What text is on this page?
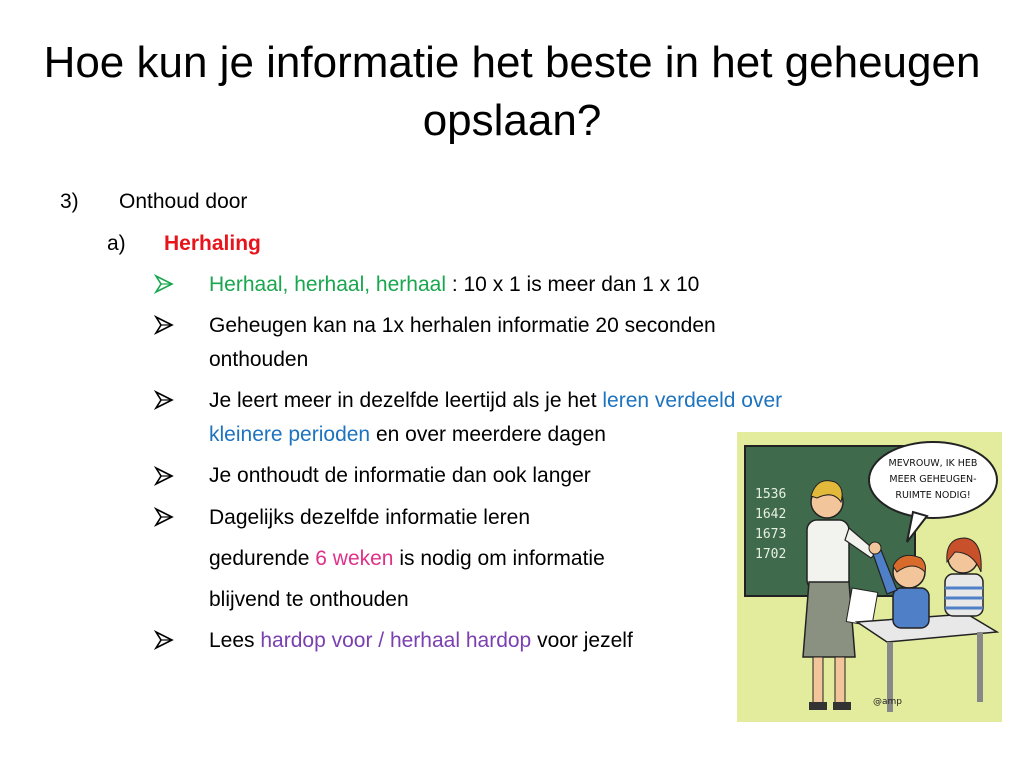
Hoe kun je informatie het beste in het geheugen opslaan?
3) Onthoud door
a) Herhaling
Herhaal, herhaal, herhaal : 10 x 1 is meer dan 1 x 10
Geheugen kan na 1x herhalen informatie 20 seconden
onthouden
Je leert meer in dezelfde leertijd als je het leren verdeeld over
kleinere perioden en over meerdere dagen
Je onthoudt de informatie dan ook langer
Dagelijks dezelfde informatie leren
gedurende 6 weken is nodig om informatie
blijvend te onthouden
Lees hardop voor / herhaal hardop voor jezelf
1536
1642
1673
1702
MEVROUW, IK HEB
MEER GEHEUGEN-
RUIMTE NODIG!
@amp
